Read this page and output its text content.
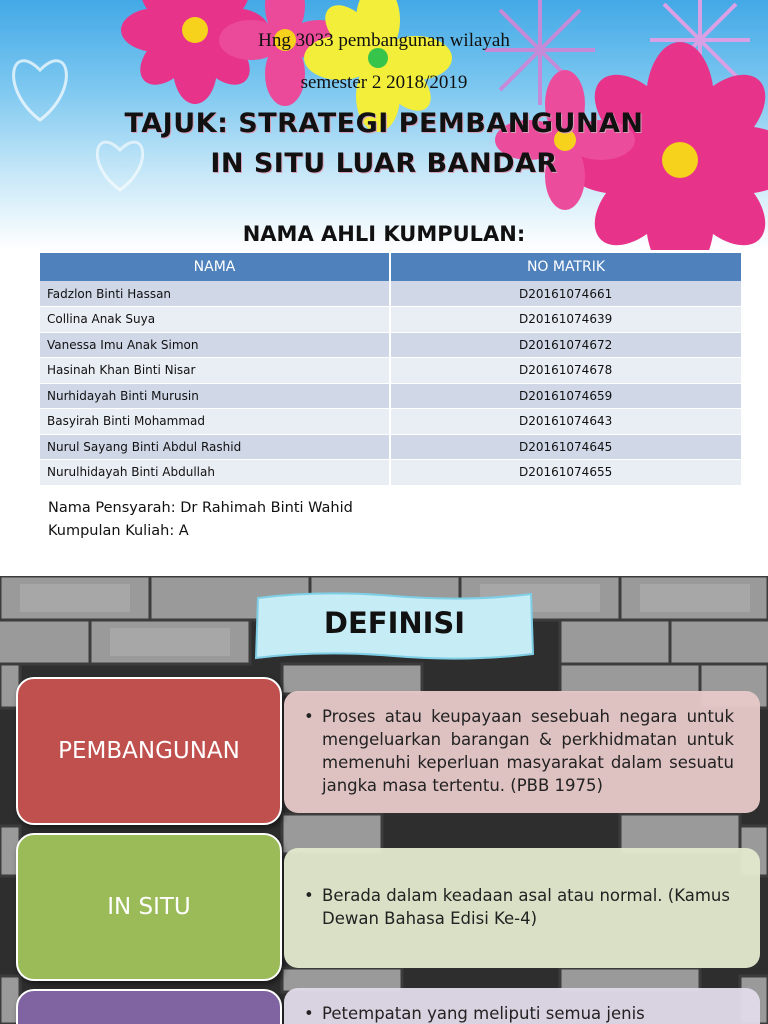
Hng 3033 pembangunan wilayah
semester 2 2018/2019
TAJUK: STRATEGI PEMBANGUNAN
IN SITU LUAR BANDAR
NAMA AHLI KUMPULAN:
NAMA	NO MATRIK
Fadzlon Binti Hassan	D20161074661
Collina Anak Suya	D20161074639
Vanessa Imu Anak Simon	D20161074672
Hasinah Khan Binti Nisar	D20161074678
Nurhidayah Binti Murusin	D20161074659
Basyirah Binti Mohammad	D20161074643
Nurul Sayang Binti Abdul Rashid	D20161074645
Nurulhidayah Binti Abdullah	D20161074655
Nama Pensyarah: Dr Rahimah Binti Wahid
Kumpulan Kuliah: A
DEFINISI
PEMBANGUNAN
• Proses atau keupayaan sesebuah negara untuk mengeluarkan barangan & perkhidmatan untuk memenuhi keperluan masyarakat dalam sesuatu jangka masa tertentu. (PBB 1975)
IN SITU	• Berada dalam keadaan asal atau normal. (Kamus Dewan Bahasa Edisi Ke-4)
• Petempatan yang meliputi semua jenis
